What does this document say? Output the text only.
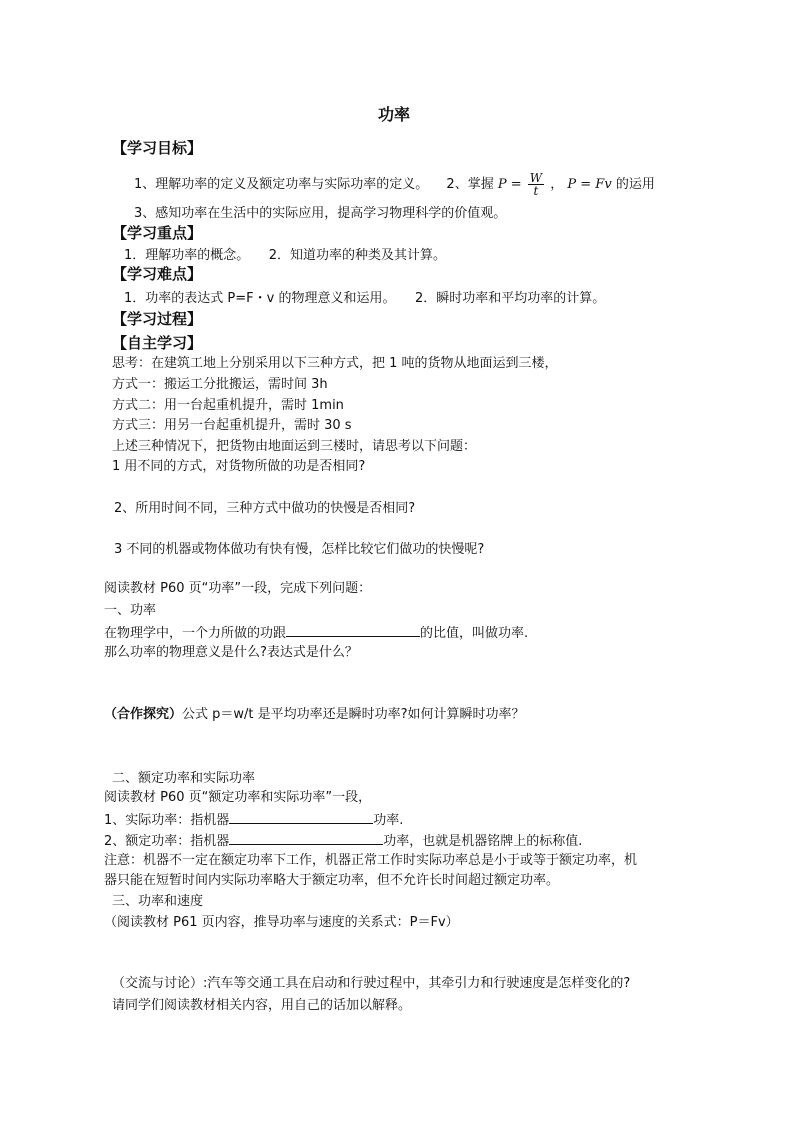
功率
【学习目标】
1、理解功率的定义及额定功率与实际功率的定义。 2、掌握 $P = \frac{W}{t}$ ， P = Fv 的运用
3、感知功率在生活中的实际应用，提高学习物理科学的价值观。
【学习重点】
1．理解功率的概念。　　2．知道功率的种类及其计算。
【学习难点】
1．功率的表达式 P=F・v 的物理意义和运用。　　2．瞬时功率和平均功率的计算。
【学习过程】
【自主学习】
思考：在建筑工地上分别采用以下三种方式，把 1 吨的货物从地面运到三楼，
方式一：搬运工分批搬运，需时间 3h
方式二：用一台起重机提升，需时 1min
方式三：用另一台起重机提升，需时 30 s
上述三种情况下，把货物由地面运到三楼时，请思考以下问题：
1 用不同的方式，对货物所做的功是否相同?
2、所用时间不同，三种方式中做功的快慢是否相同?
3 不同的机器或物体做功有快有慢，怎样比较它们做功的快慢呢?
阅读教材 P60 页“功率”一段，完成下列问题：
一、功率
在物理学中，一个力所做的功跟	的比值，叫做功率.
那么功率的物理意义是什么?表达式是什么？
（合作探究）公式 p＝w/t 是平均功率还是瞬时功率?如何计算瞬时功率？
二、额定功率和实际功率
阅读教材 P60 页“额定功率和实际功率”一段，
1、实际功率：指机器	功率.
2、额定功率：指机器	功率，也就是机器铭牌上的标称值.
注意：机器不一定在额定功率下工作，机器正常工作时实际功率总是小于或等于额定功率，机
器只能在短暂时间内实际功率略大于额定功率，但不允许长时间超过额定功率。
三、功率和速度
（阅读教材 P61 页内容，推导功率与速度的关系式：P＝Fv）
（交流与讨论）:汽车等交通工具在启动和行驶过程中，其牵引力和行驶速度是怎样变化的?
请同学们阅读教材相关内容，用自己的话加以解释。
